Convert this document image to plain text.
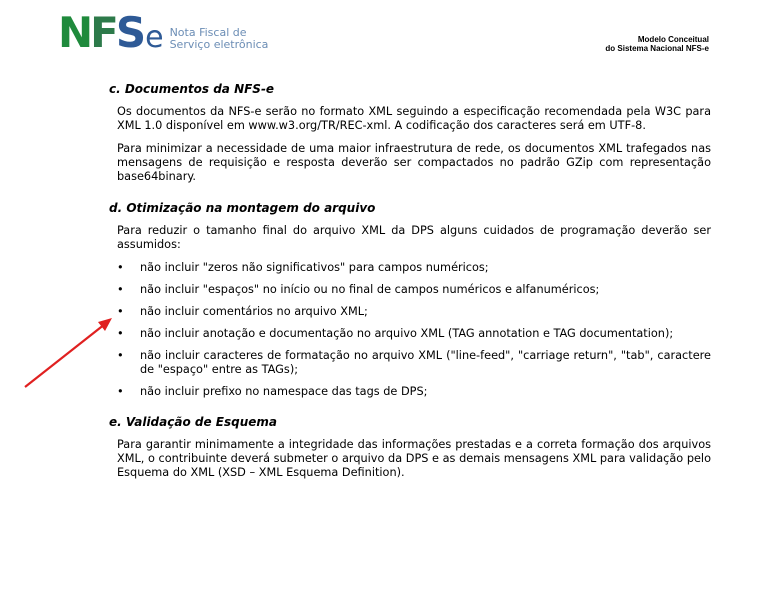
NFSe Nota Fiscal de
Serviço eletrônica	Modelo Conceitual
do Sistema Nacional NFS-e
c. Documentos da NFS-e

Os documentos da NFS-e serão no formato XML seguindo a especificação recomendada pela W3C para XML 1.0 disponível em www.w3.org/TR/REC-xml. A codificação dos caracteres será em UTF-8.

Para minimizar a necessidade de uma maior infraestrutura de rede, os documentos XML trafegados nas mensagens de requisição e resposta deverão ser compactados no padrão GZip com representação base64binary.

d. Otimização na montagem do arquivo

Para reduzir o tamanho final do arquivo XML da DPS alguns cuidados de programação deverão ser assumidos:

• não incluir "zeros não significativos" para campos numéricos;
• não incluir "espaços" no início ou no final de campos numéricos e alfanuméricos;
• não incluir comentários no arquivo XML;
• não incluir anotação e documentação no arquivo XML (TAG annotation e TAG documentation);
• não incluir caracteres de formatação no arquivo XML ("line-feed", "carriage return", "tab", caractere de "espaço" entre as TAGs);
• não incluir prefixo no namespace das tags de DPS;
e. Validação de Esquema

Para garantir minimamente a integridade das informações prestadas e a correta formação dos arquivos XML, o contribuinte deverá submeter o arquivo da DPS e as demais mensagens XML para validação pelo Esquema do XML (XSD – XML Esquema Definition).
